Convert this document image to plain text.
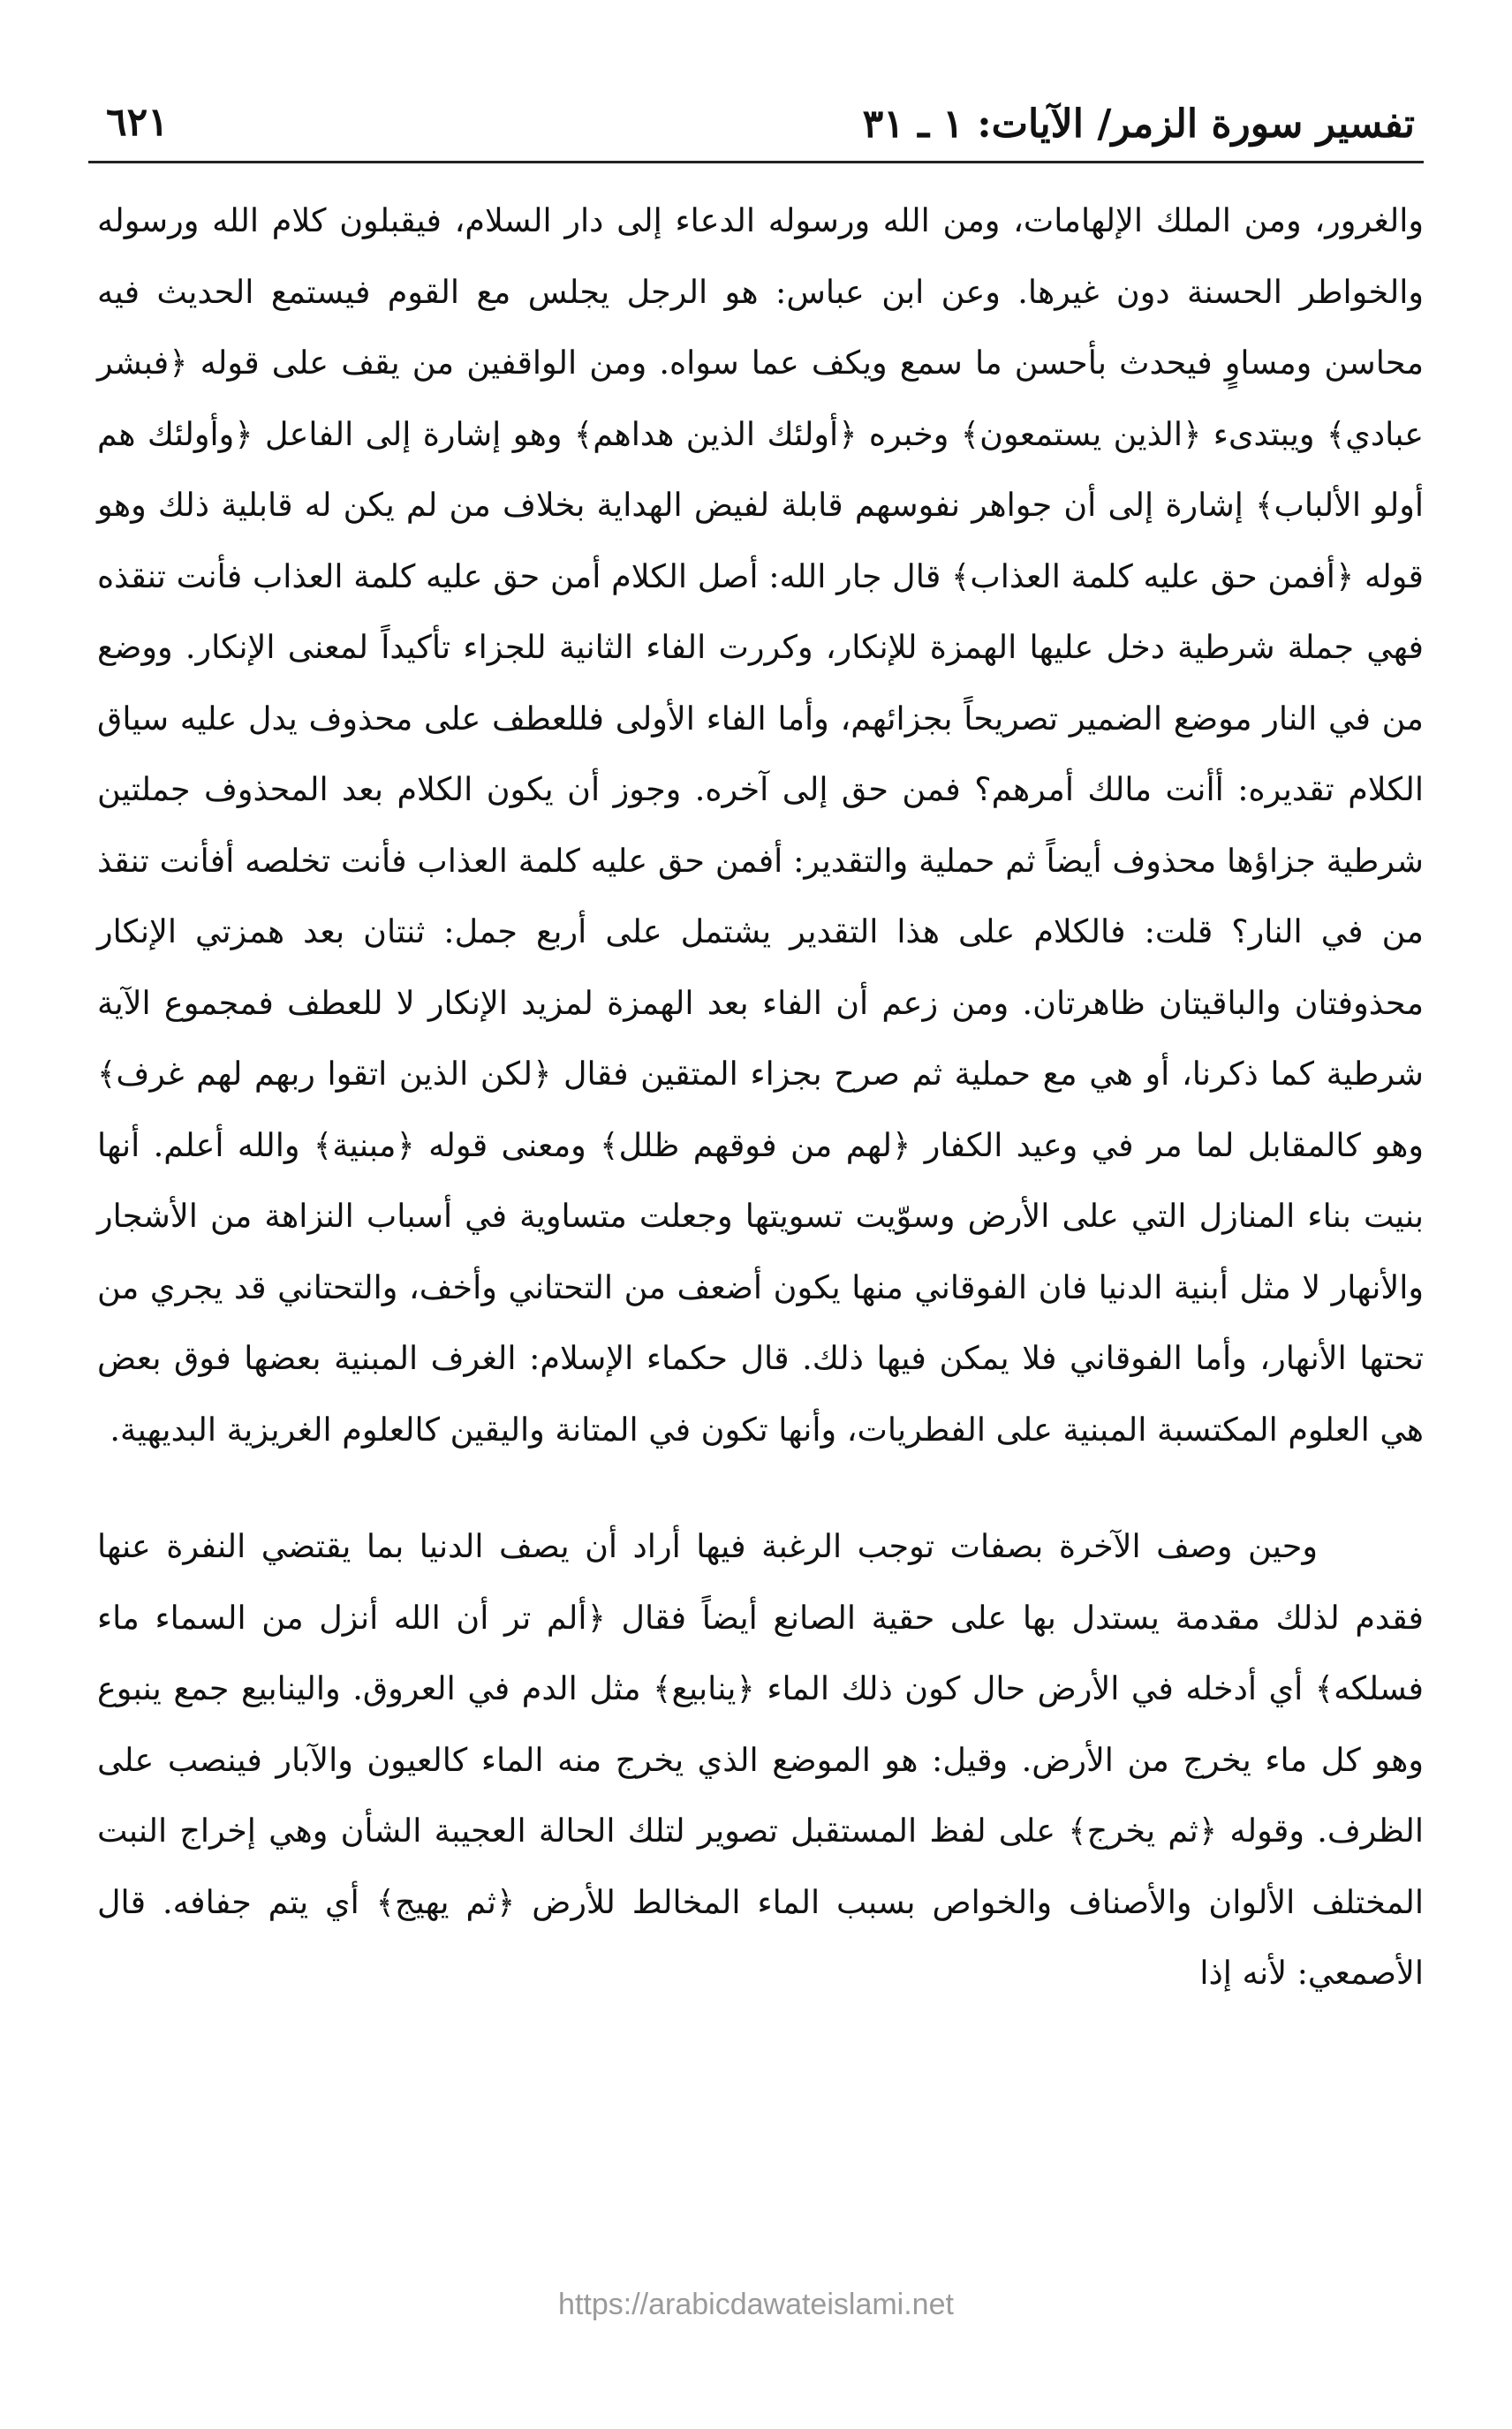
تفسير سورة الزمر/ الآيات: ١ ـ ٣١
٦٢١

والغرور، ومن الملك الإلهامات، ومن الله ورسوله الدعاء إلى دار السلام، فيقبلون كلام الله ورسوله والخواطر الحسنة دون غيرها. وعن ابن عباس: هو الرجل يجلس مع القوم فيستمع الحديث فيه محاسن ومساوٍ فيحدث بأحسن ما سمع ويكف عما سواه. ومن الواقفين من يقف على قوله ﴿فبشر عبادي﴾ ويبتدىء ﴿الذين يستمعون﴾ وخبره ﴿أولئك الذين هداهم﴾ وهو إشارة إلى الفاعل ﴿وأولئك هم أولو الألباب﴾ إشارة إلى أن جواهر نفوسهم قابلة لفيض الهداية بخلاف من لم يكن له قابلية ذلك وهو قوله ﴿أفمن حق عليه كلمة العذاب﴾ قال جار الله: أصل الكلام أمن حق عليه كلمة العذاب فأنت تنقذه فهي جملة شرطية دخل عليها الهمزة للإنكار، وكررت الفاء الثانية للجزاء تأكيداً لمعنى الإنكار. ووضع من في النار موضع الضمير تصريحاً بجزائهم، وأما الفاء الأولى فللعطف على محذوف يدل عليه سياق الكلام تقديره: أأنت مالك أمرهم؟ فمن حق إلى آخره. وجوز أن يكون الكلام بعد المحذوف جملتين شرطية جزاؤها محذوف أيضاً ثم حملية والتقدير: أفمن حق عليه كلمة العذاب فأنت تخلصه أفأنت تنقذ من في النار؟ قلت: فالكلام على هذا التقدير يشتمل على أربع جمل: ثنتان بعد همزتي الإنكار محذوفتان والباقيتان ظاهرتان. ومن زعم أن الفاء بعد الهمزة لمزيد الإنكار لا للعطف فمجموع الآية شرطية كما ذكرنا، أو هي مع حملية ثم صرح بجزاء المتقين فقال ﴿لكن الذين اتقوا ربهم لهم غرف﴾ وهو كالمقابل لما مر في وعيد الكفار ﴿لهم من فوقهم ظلل﴾ ومعنى قوله ﴿مبنية﴾ والله أعلم. أنها بنيت بناء المنازل التي على الأرض وسوّيت تسويتها وجعلت متساوية في أسباب النزاهة من الأشجار والأنهار لا مثل أبنية الدنيا فان الفوقاني منها يكون أضعف من التحتاني وأخف، والتحتاني قد يجري من تحتها الأنهار، وأما الفوقاني فلا يمكن فيها ذلك. قال حكماء الإسلام: الغرف المبنية بعضها فوق بعض هي العلوم المكتسبة المبنية على الفطريات، وأنها تكون في المتانة واليقين كالعلوم الغريزية البديهية.

وحين وصف الآخرة بصفات توجب الرغبة فيها أراد أن يصف الدنيا بما يقتضي النفرة عنها فقدم لذلك مقدمة يستدل بها على حقية الصانع أيضاً فقال ﴿ألم تر أن الله أنزل من السماء ماء فسلكه﴾ أي أدخله في الأرض حال كون ذلك الماء ﴿ينابيع﴾ مثل الدم في العروق. والينابيع جمع ينبوع وهو كل ماء يخرج من الأرض. وقيل: هو الموضع الذي يخرج منه الماء كالعيون والآبار فينصب على الظرف. وقوله ﴿ثم يخرج﴾ على لفظ المستقبل تصوير لتلك الحالة العجيبة الشأن وهي إخراج النبت المختلف الألوان والأصناف والخواص بسبب الماء المخالط للأرض ﴿ثم يهيج﴾ أي يتم جفافه. قال الأصمعي: لأنه إذا

https://arabicdawateislami.net
